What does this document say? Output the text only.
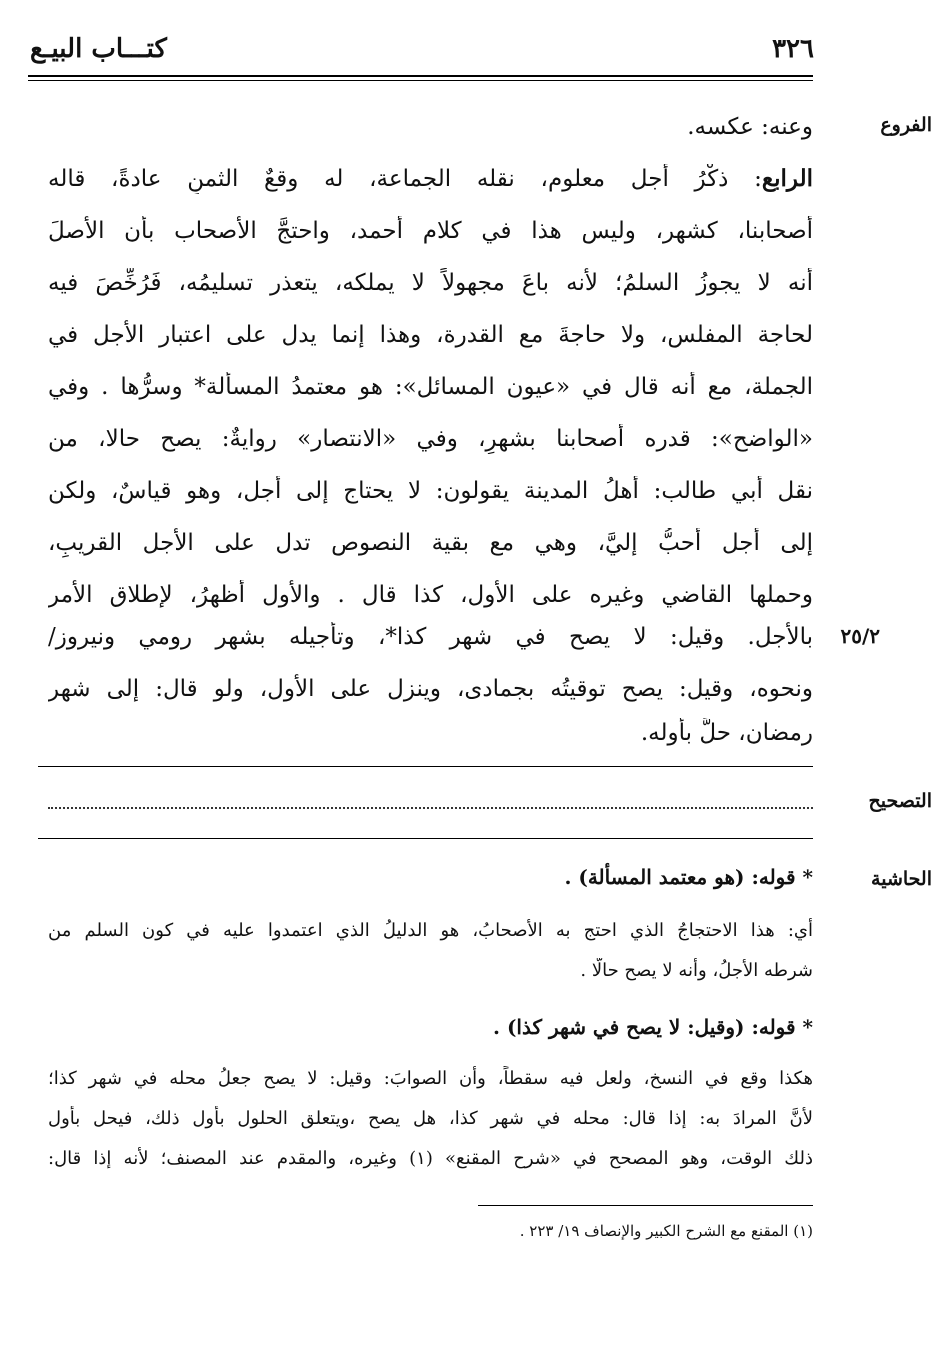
كتـــاب البيـع	٣٢٦
الفروع
٢٥/٢
وعنه: عكسه.
الرابع: ذكْرُ أجل معلوم، نقله الجماعة، له وقعٌ الثمنِ عادةً، قاله
أصحابنا، كشهر، وليس هذا في كلام أحمد، واحتجَّ الأصحاب بأن الأصلَ
أنه لا يجوزُ السلمُ؛ لأنه باعَ مجهولاً لا يملكه، يتعذر تسليمُه، فَرُخِّصَ فيه
لحاجة المفلس، ولا حاجةَ مع القدرة، وهذا إنما يدل على اعتبار الأجل في
الجملة، مع أنه قال في «عيون المسائل»: هو معتمدُ المسألة* وسرُّها . وفي
«الواضح»: قدره أصحابنا بشهرٍ، وفي «الانتصار» روايةٌ: يصح حالا، من
نقل أبي طالب: أهلُ المدينة يقولون: لا يحتاج إلى أجل، وهو قياسٌ، ولكن
إلى أجل أحبُّ إليَّ، وهي مع بقية النصوص تدل على الأجل القريبِ،
وحملها القاضي وغيره على الأول، كذا قال . والأول أظهرُ، لإطلاق الأمر
بالأجل. وقيل: لا يصح في شهر كذا*، وتأجيله بشهر رومي ونيروز/
ونحوه، وقيل: يصح توقيتُه بجمادى، وينزل على الأول، ولو قال: إلى شهر
رمضان، حلَّ بأوله.
التصحيح
الحاشية
* قوله: (هو معتمد المسألة) .
أي: هذا الاحتجاجُ الذي احتج به الأصحابُ، هو الدليلُ الذي اعتمدوا عليه في كون السلم من
شرطه الأجلُ، وأنه لا يصح حالًّا .
* قوله: (وقيل: لا يصح في شهر كذا) .
هكذا وقع في النسخ، ولعل فيه سقطاً، وأن الصوابَ: وقيل: لا يصح جعلُ محله في شهر كذا؛
لأنَّ المرادَ به: إذا قال: محله في شهر كذا، هل يصح ،ويتعلق الحلول بأول ذلك، فيحل بأول
ذلك الوقت، وهو المصحح في «شرح المقنع» (١) وغيره، والمقدم عند المصنف؛ لأنه إذا قال:
(١) المقنع مع الشرح الكبير والإنصاف ١٩/ ٢٢٣ .
